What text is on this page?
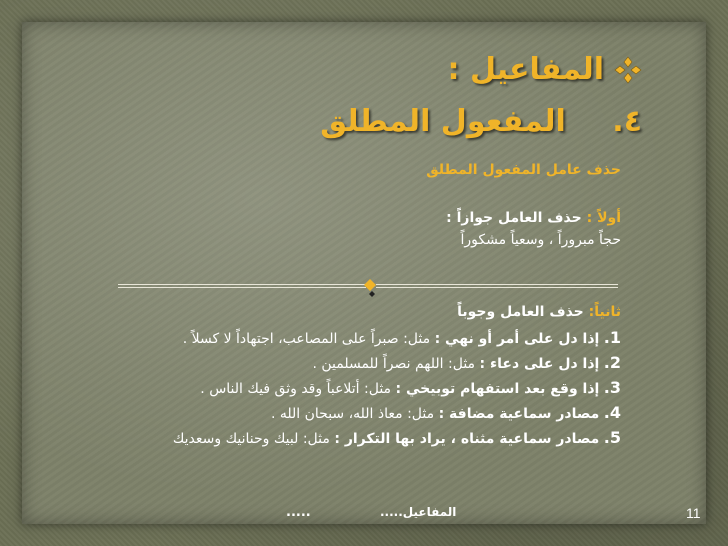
المفاعيل :
٤. المفعول المطلق
حذف عامل المفعول المطلق
أولاً : حذف العامل جوازاً :
حجاً مبروراً ، وسعياً مشكوراً
ثانياً: حذف العامل وجوباً
1. إذا دل على أمر أو نهي : مثل: صبراً على المصاعب، اجتهاداً لا كسلاً .
2. إذا دل على دعاء : مثل: اللهم نصراً للمسلمين .
3. إذا وقع بعد استفهام توبيخي : مثل: أتلاعباً وقد وثق فيك الناس .
4. مصادر سماعية مضافة : مثل: معاذ الله، سبحان الله .
5. مصادر سماعية مثناه ، يراد بها التكرار : مثل: لبيك وحنانيك وسعديك
.....	المفاعيل.....	11
